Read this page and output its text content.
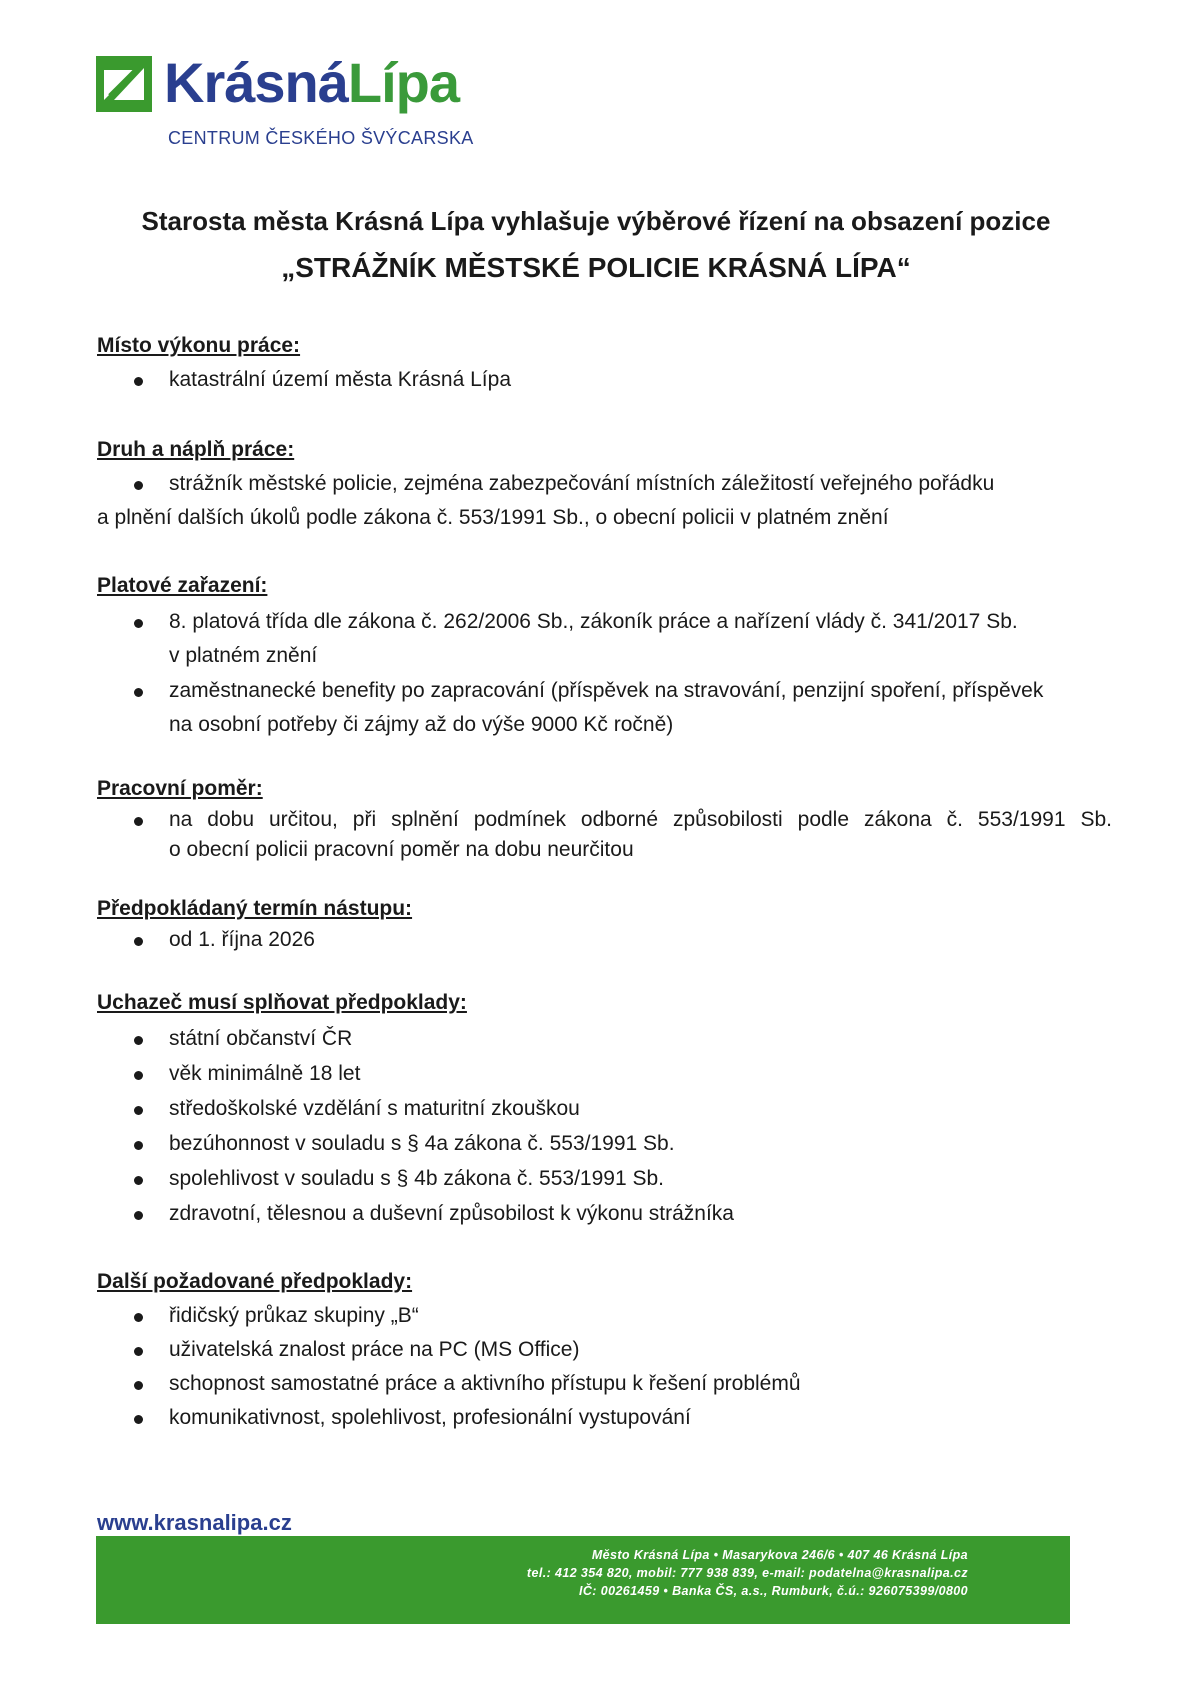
KrásnáLípa
CENTRUM ČESKÉHO ŠVÝCARSKA
Starosta města Krásná Lípa vyhlašuje výběrové řízení na obsazení pozice
„STRÁŽNÍK MĚSTSKÉ POLICIE KRÁSNÁ LÍPA“
Místo výkonu práce:
katastrální území města Krásná Lípa
Druh a náplň práce:
strážník městské policie, zejména zabezpečování místních záležitostí veřejného pořádku
a plnění dalších úkolů podle zákona č. 553/1991 Sb., o obecní policii v platném znění
Platové zařazení:
8. platová třída dle zákona č. 262/2006 Sb., zákoník práce a nařízení vlády č. 341/2017 Sb.
v platném znění
zaměstnanecké benefity po zapracování (příspěvek na stravování, penzijní spoření, příspěvek
na osobní potřeby či zájmy až do výše 9000 Kč ročně)
Pracovní poměr:
na dobu určitou, při splnění podmínek odborné způsobilosti podle zákona č. 553/1991 Sb.
o obecní policii pracovní poměr na dobu neurčitou
Předpokládaný termín nástupu:
od 1. října 2026
Uchazeč musí splňovat předpoklady:
státní občanství ČR
věk minimálně 18 let
středoškolské vzdělání s maturitní zkouškou
bezúhonnost v souladu s § 4a zákona č. 553/1991 Sb.
spolehlivost v souladu s § 4b zákona č. 553/1991 Sb.
zdravotní, tělesnou a duševní způsobilost k výkonu strážníka
Další požadované předpoklady:
řidičský průkaz skupiny „B“
uživatelská znalost práce na PC (MS Office)
schopnost samostatné práce a aktivního přístupu k řešení problémů
komunikativnost, spolehlivost, profesionální vystupování
www.krasnalipa.cz
Město Krásná Lípa • Masarykova 246/6 • 407 46 Krásná Lípa
tel.: 412 354 820, mobil: 777 938 839, e-mail: podatelna@krasnalipa.cz
IČ: 00261459 • Banka ČS, a.s., Rumburk, č.ú.: 926075399/0800
